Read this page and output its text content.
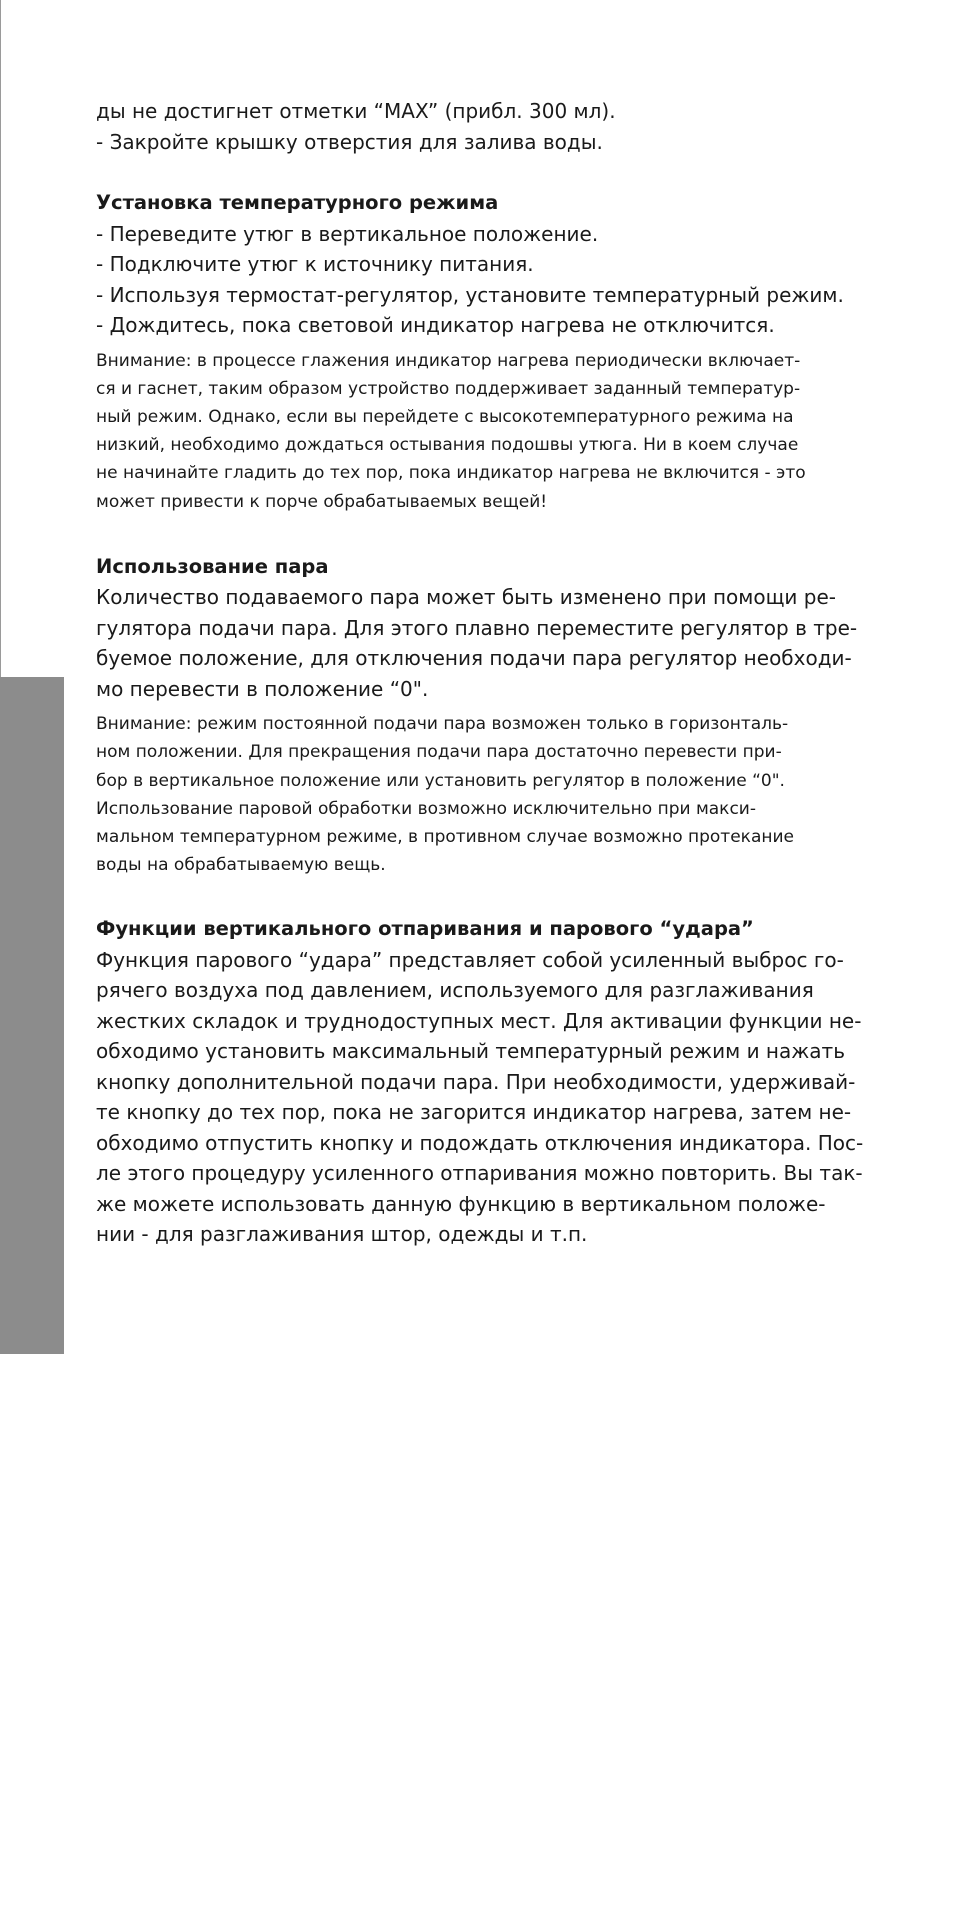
Эксплуатация устройства
VR
ды не достигнет отметки “MAX” (прибл. 300 мл).
- Закройте крышку отверстия для залива воды.
Установка температурного режима
- Переведите утюг в вертикальное положение.
- Подключите утюг к источнику питания.
- Используя термостат-регулятор, установите температурный режим.
- Дождитесь, пока световой индикатор нагрева не отключится.
Внимание: в процессе глажения индикатор нагрева периодически включает-
ся и гаснет, таким образом устройство поддерживает заданный температур-
ный режим. Однако, если вы перейдете с высокотемпературного режима на
низкий, необходимо дождаться остывания подошвы утюга. Ни в коем случае
не начинайте гладить до тех пор, пока индикатор нагрева не включится - это
может привести к порче обрабатываемых вещей!
Использование пара
Количество подаваемого пара может быть изменено при помощи ре-
гулятора подачи пара. Для этого плавно переместите регулятор в тре-
буемое положение, для отключения подачи пара регулятор необходи-
мо перевести в положение “0".
Внимание: режим постоянной подачи пара возможен только в горизонталь-
ном положении. Для прекращения подачи пара достаточно перевести при-
бор в вертикальное положение или установить регулятор в положение “0".
Использование паровой обработки возможно исключительно при макси-
мальном температурном режиме, в противном случае возможно протекание
воды на обрабатываемую вещь.
Функции вертикального отпаривания и парового “удара”
Функция парового “удара” представляет собой усиленный выброс го-
рячего воздуха под давлением, используемого для разглаживания
жестких складок и труднодоступных мест. Для активации функции не-
обходимо установить максимальный температурный режим и нажать
кнопку дополнительной подачи пара. При необходимости, удерживай-
те кнопку до тех пор, пока не загорится индикатор нагрева, затем не-
обходимо отпустить кнопку и подождать отключения индикатора. Пос-
ле этого процедуру усиленного отпаривания можно повторить. Вы так-
же можете использовать данную функцию в вертикальном положе-
нии - для разглаживания штор, одежды и т.п.
